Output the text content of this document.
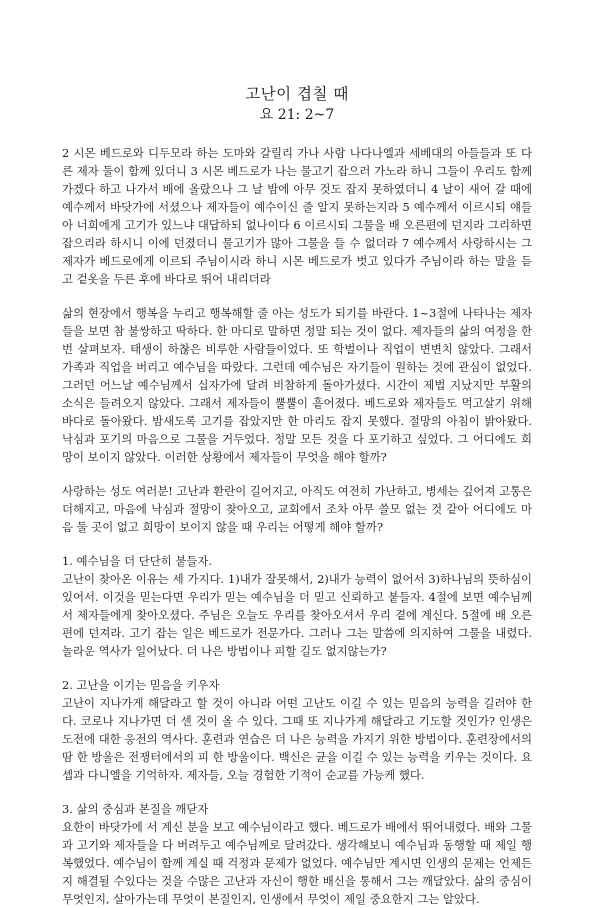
고난이 겹칠 때
요 21: 2~7

2 시몬 베드로와 디두모라 하는 도마와 갈릴리 가나 사람 나다나엘과 세베대의 아들들과 또 다른 제자 둘이 함께 있더니 3 시몬 베드로가 나는 물고기 잡으러 가노라 하니 그들이 우리도 함께 가겠다 하고 나가서 배에 올랐으나 그 날 밤에 아무 것도 잡지 못하였더니 4 날이 새어 갈 때에 예수께서 바닷가에 서셨으나 제자들이 예수이신 줄 알지 못하는지라 5 예수께서 이르시되 얘들아 너희에게 고기가 있느냐 대답하되 없나이다 6 이르시되 그물을 배 오른편에 던지라 그리하면 잡으리라 하시니 이에 던졌더니 물고기가 많아 그물을 들 수 없더라 7 예수께서 사랑하시는 그 제자가 베드로에게 이르되 주님이시라 하니 시몬 베드로가 벗고 있다가 주님이라 하는 말을 듣고 겉옷을 두른 후에 바다로 뛰어 내리더라

삶의 현장에서 행복을 누리고 행복해할 줄 아는 성도가 되기를 바란다. 1~3절에 나타나는 제자들을 보면 참 불쌍하고 딱하다. 한 마디로 말하면 정말 되는 것이 없다. 제자들의 삶의 여정을 한번 살펴보자. 태생이 하찮은 비루한 사람들이었다. 또 학벌이나 직업이 변변치 않았다. 그래서 가족과 직업을 버리고 예수님을 따랐다. 그런데 예수님은 자기들이 원하는 것에 관심이 없었다. 그러던 어느날 예수님께서 십자가에 달려 비참하게 돌아가셨다. 시간이 제법 지났지만 부활의 소식은 들려오지 않았다. 그래서 제자들이 뿔뿔이 흩어졌다. 베드로와 제자들도 먹고살기 위해 바다로 돌아왔다. 밤새도록 고기를 잡았지만 한 마리도 잡지 못했다. 절망의 아침이 밝아왔다. 낙심과 포기의 마음으로 그물을 거두었다. 정말 모든 것을 다 포기하고 싶었다. 그 어디에도 희망이 보이지 않았다. 이러한 상황에서 제자들이 무엇을 해야 할까?

사랑하는 성도 여러분! 고난과 환란이 길어지고, 아직도 여전히 가난하고, 병세는 깊어져 고통은 더해지고, 마음에 낙심과 절망이 찾아오고, 교회에서 조차 아무 쓸모 없는 것 같아 어디에도 마음 둘 곳이 없고 희망이 보이지 않을 때 우리는 어떻게 해야 할까?

1. 예수님을 더 단단히 붙들자.

고난이 찾아온 이유는 세 가지다. 1)내가 잘못해서, 2)내가 능력이 없어서 3)하나님의 뜻하심이 있어서. 이것을 믿는다면 우리가 믿는 예수님을 더 믿고 신뢰하고 붙들자. 4절에 보면 예수님께서 제자들에게 찾아오셨다. 주님은 오늘도 우리를 찾아오셔서 우리 곁에 계신다. 5절에 배 오른편에 던져라. 고기 잡는 일은 베드로가 전문가다. 그러나 그는 말씀에 의지하여 그물을 내렸다. 놀라운 역사가 일어났다. 더 나은 방법이나 피할 길도 없지않는가?

2. 고난을 이기는 믿음을 키우자

고난이 지나가게 해달라고 할 것이 아니라 어떤 고난도 이길 수 있는 믿음의 능력을 길러야 한다. 코로나 지나가면 더 센 것이 올 수 있다. 그때 또 지나가게 해달라고 기도할 것인가? 인생은 도전에 대한 응전의 역사다. 훈련과 연습은 더 나은 능력을 가지기 위한 방법이다. 훈련장에서의 땀 한 방울은 전쟁터에서의 피 한 방울이다. 백신은 균을 이길 수 있는 능력을 키우는 것이다. 요셉과 다니엘을 기억하자. 제자들, 오늘 경험한 기적이 순교를 가능케 했다.

3. 삶의 중심과 본질을 깨닫자

요한이 바닷가에 서 계신 분을 보고 예수님이라고 했다. 베드로가 배에서 뛰어내렸다. 배와 그물과 고기와 제자들을 다 버려두고 예수님께로 달려갔다. 생각해보니 예수님과 동행할 때 제일 행복했었다. 예수님이 함께 계실 때 걱정과 문제가 없었다. 예수님만 계시면 인생의 문제는 언제든지 해결될 수있다는 것을 수많은 고난과 자신이 행한 배신을 통해서 그는 깨달았다. 삶의 중심이 무엇인지, 살아가는데 무엇이 본질인지, 인생에서 무엇이 제일 중요한지 그는 알았다.
